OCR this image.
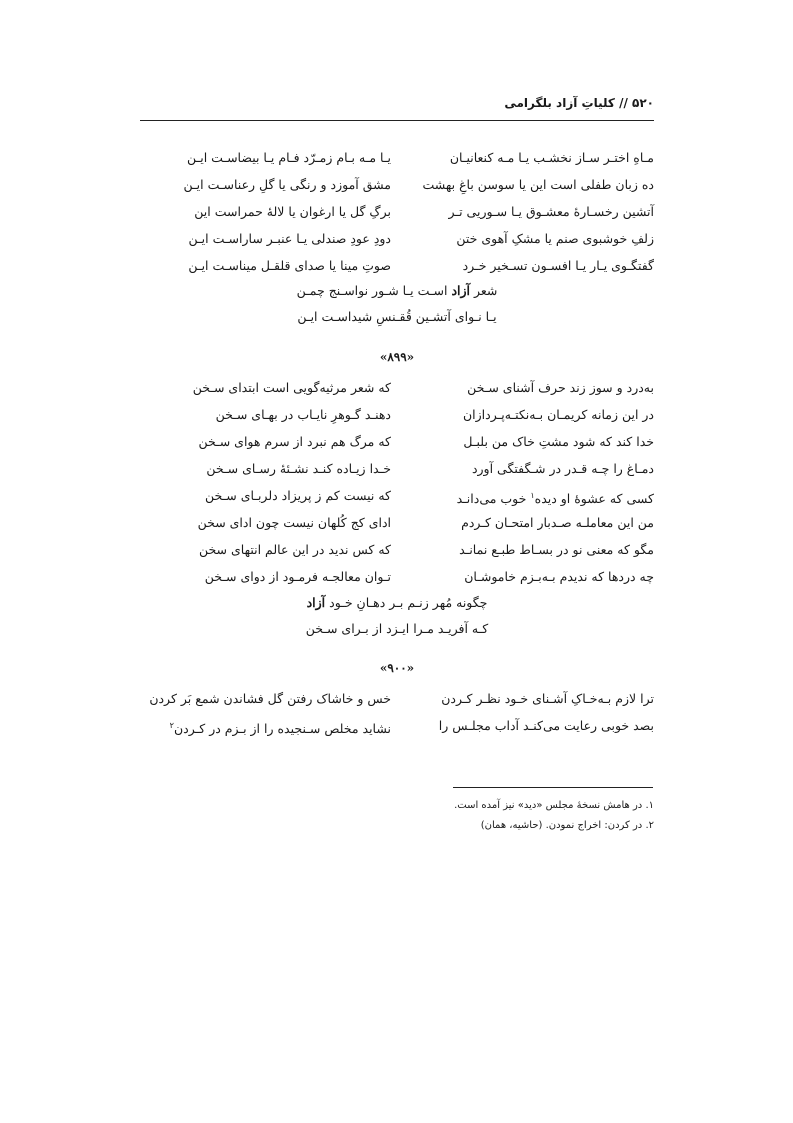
۵۲۰ // کلیاتِ آزاد بلگرامی
مـاهِ اختـر سـاز نخشـب یـا مـه کنعانیـان
یـا مـه بـام زمـرّد فـام یـا بیضاسـت ایـن
ده زبان طفلی است این یا سوسن باغِ بهشت
مشق آموزد و رنگی یا گلِ رعناسـت ایـن
آتشین رخسـارهٔ معشـوق یـا سـوریی تـر
برگِ گل یا ارغوان یا لالهٔ حمراست این
زلفِ خوشبوی صنم یا مشکِ آهوی ختن
دودِ عودِ صندلی یـا عنبـر ساراسـت ایـن
گفتگـوی یـار یـا افسـون تسـخیر خـرد
صوتِ مینا یا صدای قلقـل میناسـت ایـن
شعر آزاد اسـت یـا شـور نواسـنج چمـن
یـا نـوای آتشـین قُقـنسِ شیداسـت ایـن
«۸۹۹»
به‌درد و سوز زند حرف آشنای سـخن
که شعر مرثیه‌گویی است ابتدای سـخن
در این زمانه کریمـان بـه‌نکتـه‌پـردازان
دهنـد گـوهرِ نایـاب در بهـای سـخن
خدا کند که شود مشتِ خاک من بلبـل
که مرگ هم نبرد از سرم هوای سـخن
دمـاغ را چـه قـدر در شـگفتگی آورد
خـدا زیـاده کنـد نشـئهٔ رسـای سـخن
کسی که عشوهٔ او دیده$^۱$ خوب می‌دانـد
که نیست کم ز پریزاد دلربـای سـخن
من این معاملـه صـدبار امتحـان کـردم
ادای کج کُلهان نیست چون ادای سخن
مگو که معنی نو در بسـاط طبـع نمانـد
که کس ندید در این عالم انتهای سخن
چه دردها که ندیدم بـه‌بـزم خاموشـان
تـوان معالجـه فرمـود از دوای سـخن
چگونه مُهر زنـم بـر دهـانِ خـود آزاد
کـه آفریـد مـرا ایـزد از بـرای سـخن
«۹۰۰»
ترا لازم بـه‌خـاکِ آشـنای خـود نظـر کـردن
خس و خاشاک رفتن گل فشاندن شمع بَر کردن
بصد خوبی رعایت می‌کنـد آداب مجلـس را
نشاید مخلص سـنجیده را از بـزم در کـردن$^۲$
۱. در هامش نسخهٔ مجلس «دید» نیز آمده است.
۲. در کردن: اخراج نمودن. (حاشیه، همان)
